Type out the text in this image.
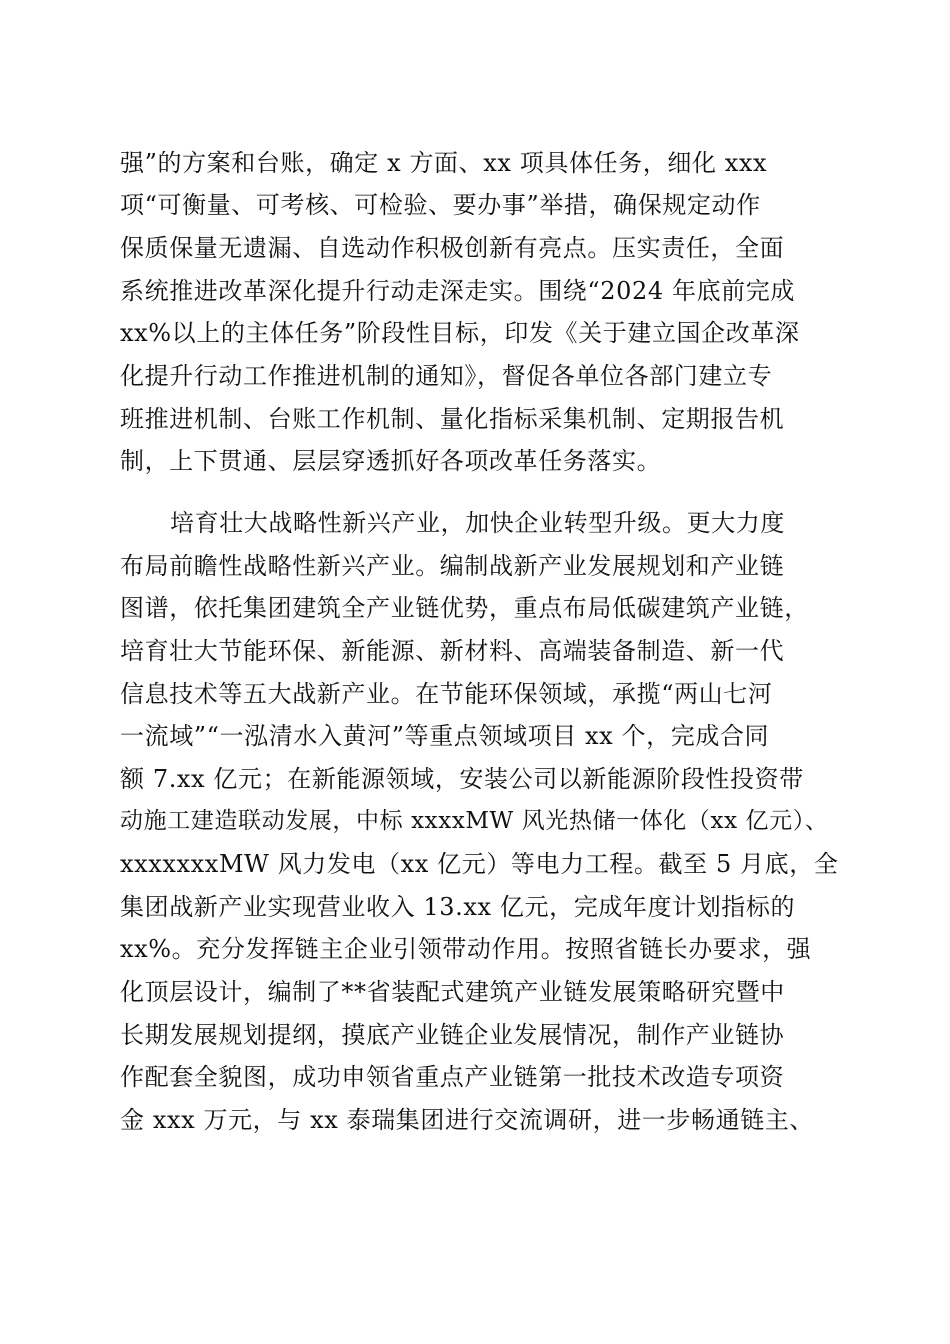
强”的方案和台账，确定 x 方面、xx 项具体任务，细化 xxx
项“可衡量、可考核、可检验、要办事”举措，确保规定动作
保质保量无遗漏、自选动作积极创新有亮点。压实责任，全面
系统推进改革深化提升行动走深走实。围绕“2024 年底前完成
xx%以上的主体任务”阶段性目标，印发《关于建立国企改革深
化提升行动工作推进机制的通知》，督促各单位各部门建立专
班推进机制、台账工作机制、量化指标采集机制、定期报告机
制，上下贯通、层层穿透抓好各项改革任务落实。
培育壮大战略性新兴产业，加快企业转型升级。更大力度
布局前瞻性战略性新兴产业。编制战新产业发展规划和产业链
图谱，依托集团建筑全产业链优势，重点布局低碳建筑产业链，
培育壮大节能环保、新能源、新材料、高端装备制造、新一代
信息技术等五大战新产业。在节能环保领域，承揽“两山七河
一流域”“一泓清水入黄河”等重点领域项目 xx 个，完成合同
额 7.xx 亿元；在新能源领域，安装公司以新能源阶段性投资带
动施工建造联动发展，中标 xxxxMW 风光热储一体化（xx 亿元）、
xxxxxxxMW 风力发电（xx 亿元）等电力工程。截至 5 月底，全
集团战新产业实现营业收入 13.xx 亿元，完成年度计划指标的
xx%。充分发挥链主企业引领带动作用。按照省链长办要求，强
化顶层设计，编制了**省装配式建筑产业链发展策略研究暨中
长期发展规划提纲，摸底产业链企业发展情况，制作产业链协
作配套全貌图，成功申领省重点产业链第一批技术改造专项资
金 xxx 万元，与 xx 泰瑞集团进行交流调研，进一步畅通链主、
